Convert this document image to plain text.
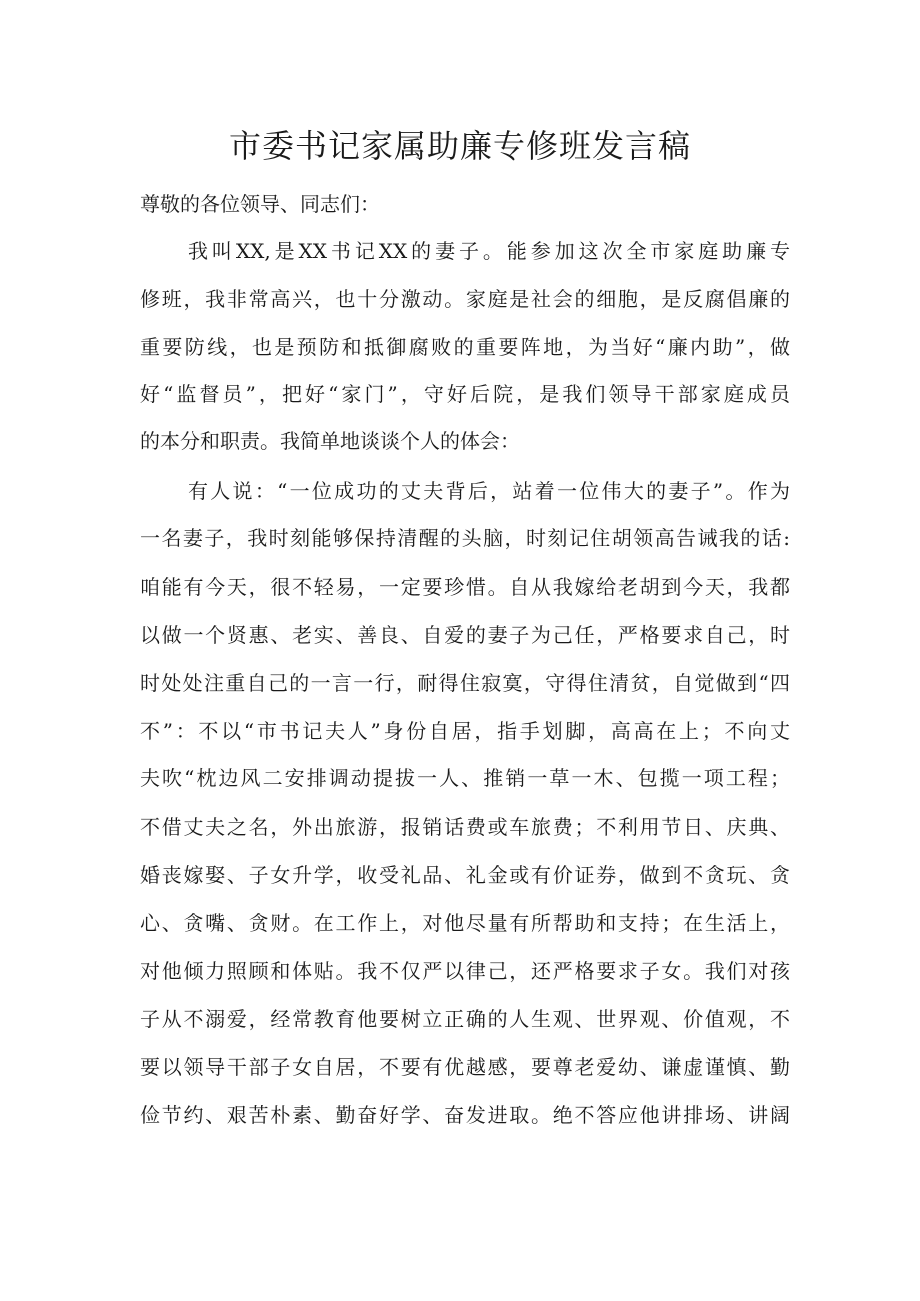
市委书记家属助廉专修班发言稿
尊敬的各位领导、同志们：
我叫XX,是XX书记XX的妻子。能参加这次全市家庭助廉专
修班，我非常高兴，也十分激动。家庭是社会的细胞，是反腐倡廉的
重要防线，也是预防和抵御腐败的重要阵地，为当好“廉内助”，做
好“监督员”，把好“家门”，守好后院，是我们领导干部家庭成员
的本分和职责。我简单地谈谈个人的体会：
有人说：“一位成功的丈夫背后，站着一位伟大的妻子”。作为
一名妻子，我时刻能够保持清醒的头脑，时刻记住胡领高告诫我的话:
咱能有今天，很不轻易，一定要珍惜。自从我嫁给老胡到今天，我都
以做一个贤惠、老实、善良、自爱的妻子为己任，严格要求自己，时
时处处注重自己的一言一行，耐得住寂寞，守得住清贫，自觉做到“四
不”：不以“市书记夫人”身份自居，指手划脚，高高在上；不向丈
夫吹“枕边风二安排调动提拔一人、推销一草一木、包揽一项工程；
不借丈夫之名，外出旅游，报销话费或车旅费；不利用节日、庆典、
婚丧嫁娶、子女升学，收受礼品、礼金或有价证券，做到不贪玩、贪
心、贪嘴、贪财。在工作上，对他尽量有所帮助和支持；在生活上，
对他倾力照顾和体贴。我不仅严以律己，还严格要求子女。我们对孩
子从不溺爱，经常教育他要树立正确的人生观、世界观、价值观，不
要以领导干部子女自居，不要有优越感，要尊老爱幼、谦虚谨慎、勤
俭节约、艰苦朴素、勤奋好学、奋发进取。绝不答应他讲排场、讲阔
